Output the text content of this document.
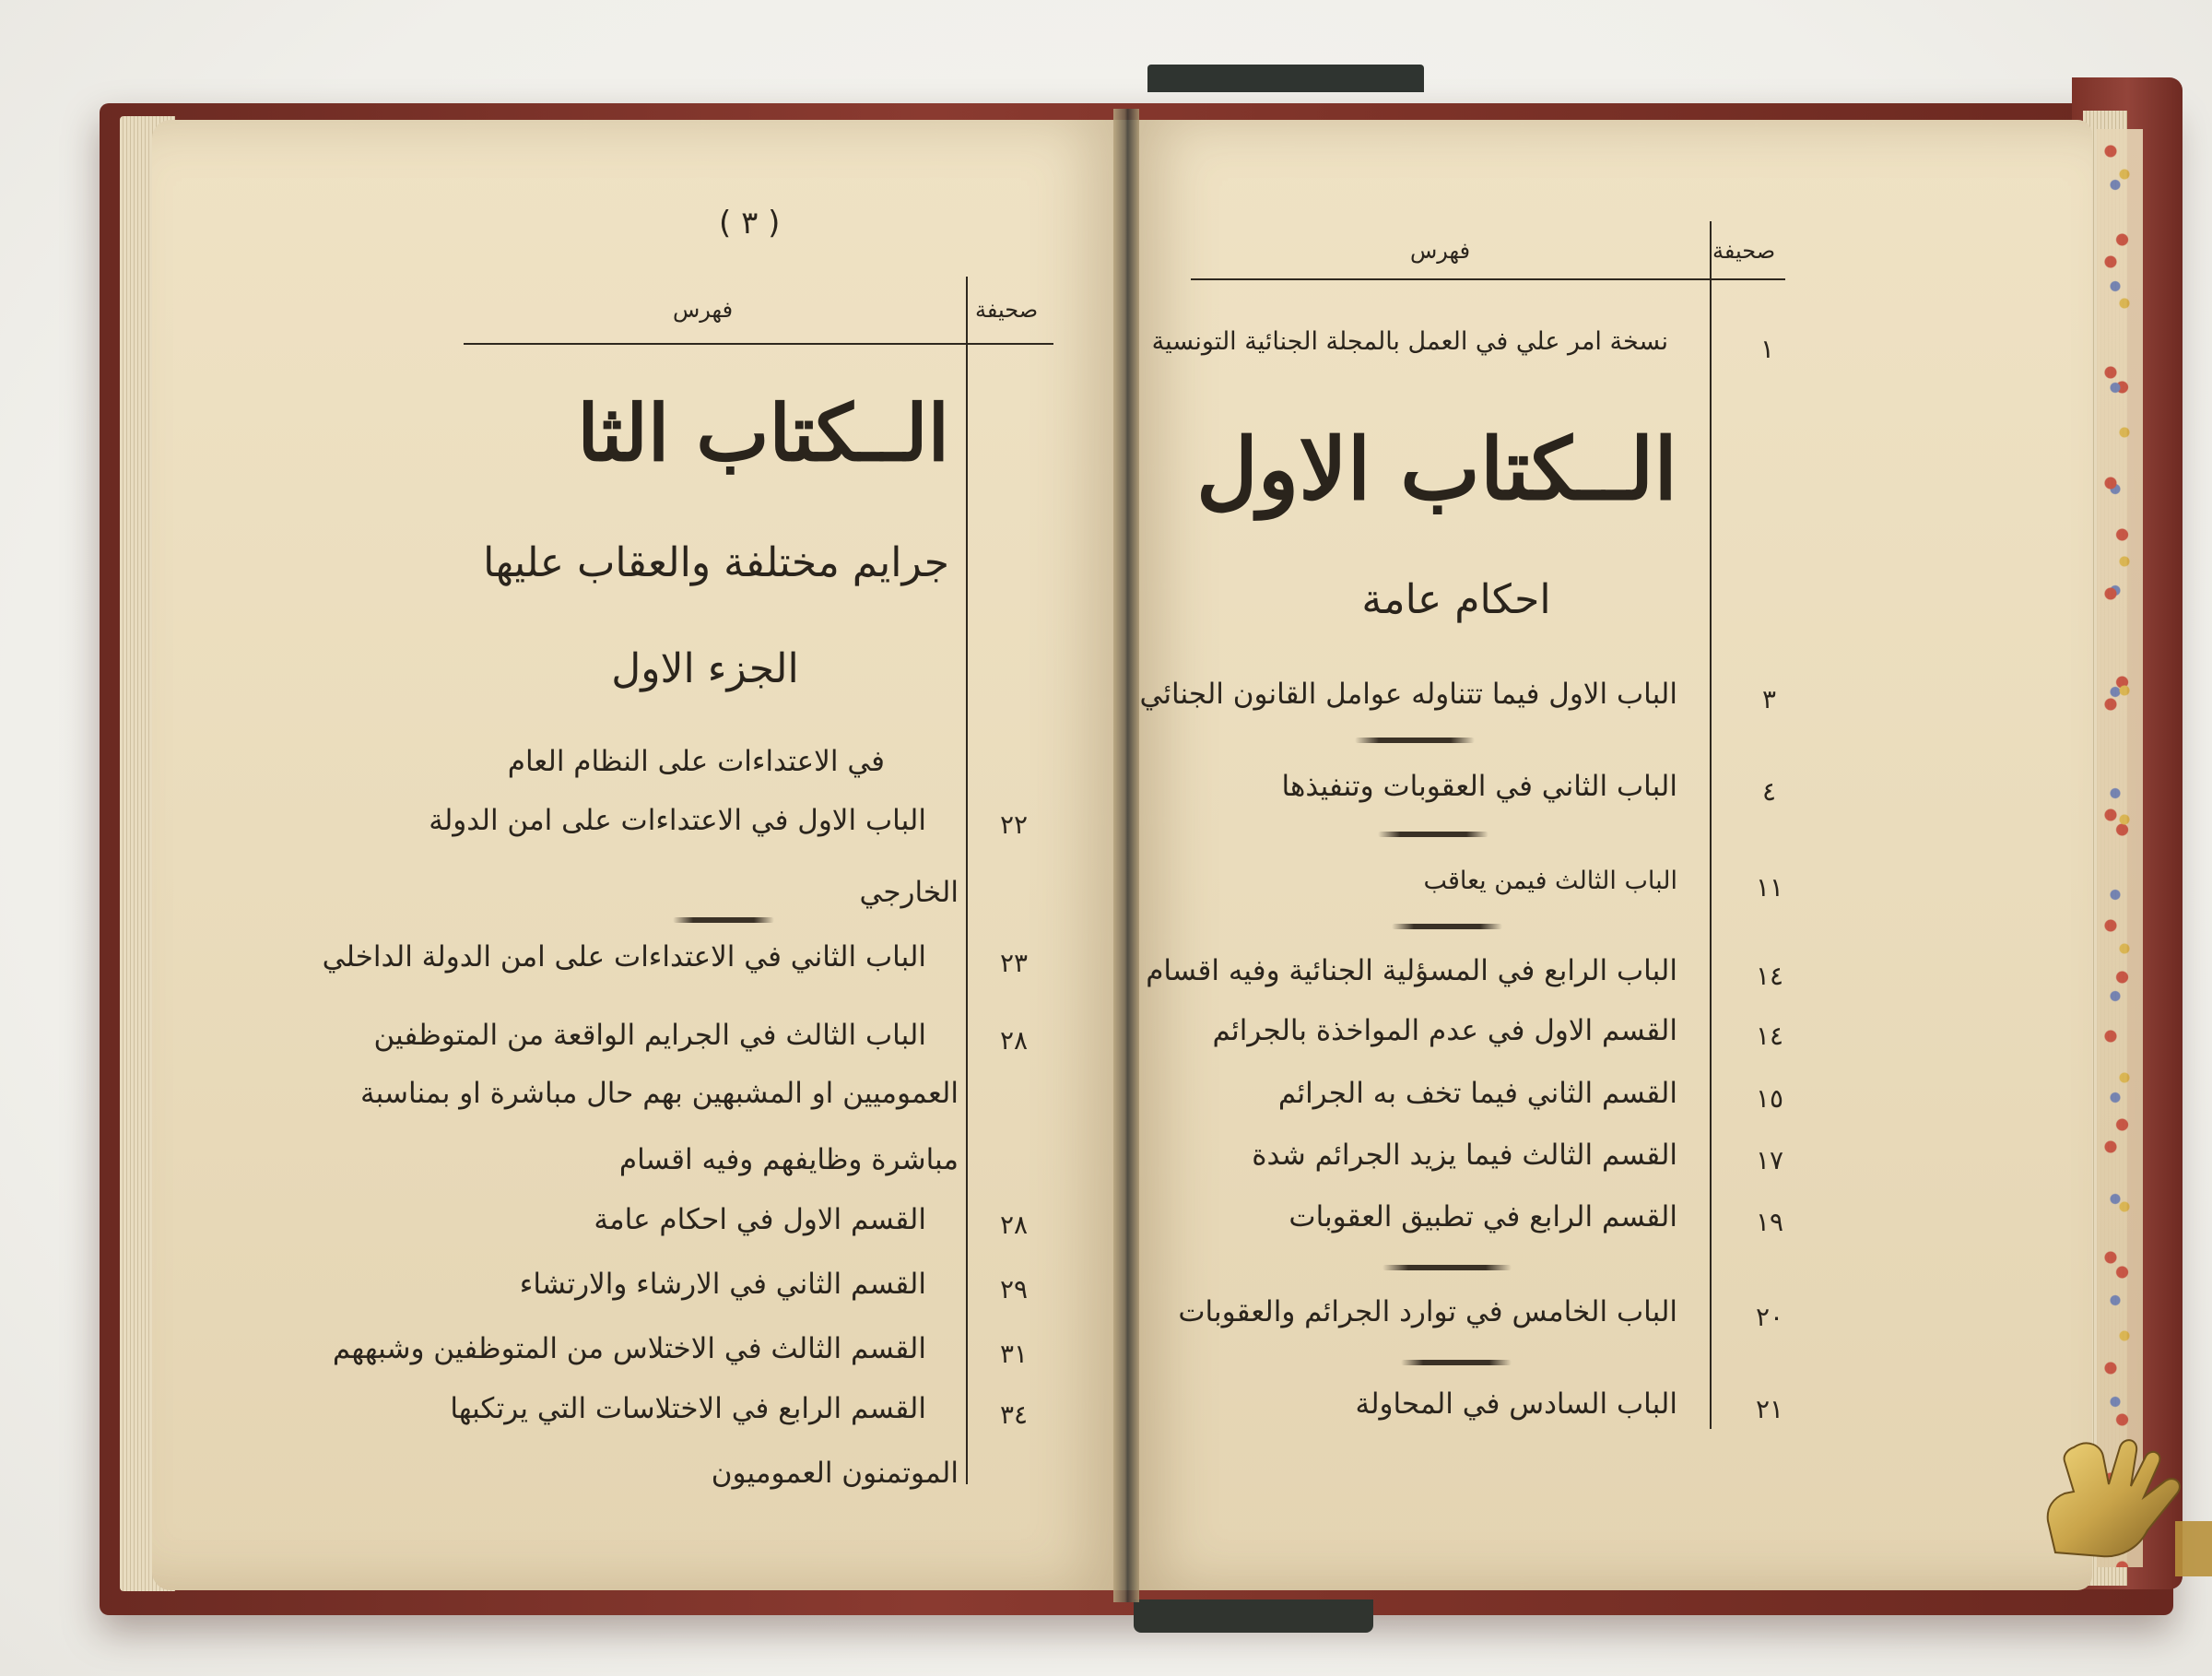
( ٣ )
فهرس	صحيفة
الــكتاب الثا
جرايم مختلفة والعقاب عليها
الجزء الاول
في الاعتداءات على النظام العام
الباب الاول في الاعتداءات على امن الدولة	٢٢
الخارجي
الباب الثاني في الاعتداءات على امن الدولة الداخلي	٢٣
الباب الثالث في الجرايم الواقعة من المتوظفين	٢٨
العموميين او المشبهين بهم حال مباشرة او بمناسبة
مباشرة وظايفهم وفيه اقسام
القسم الاول في احكام عامة	٢٨
القسم الثاني في الارشاء والارتشاء	٢٩
القسم الثالث في الاختلاس من المتوظفين وشبههم	٣١
القسم الرابع في الاختلاسات التي يرتكبها	٣٤
الموتمنون العموميون
فهرس	صحيفة
نسخة امر علي في العمل بالمجلة الجنائية التونسية	١
الــكتاب الاول
احكام عامة
الباب الاول فيما تتناوله عوامل القانون الجنائي	٣
الباب الثاني في العقوبات وتنفيذها	٤
الباب الثالث فيمن يعاقب	١١
الباب الرابع في المسؤلية الجنائية وفيه اقسام	١٤
القسم الاول في عدم المواخذة بالجرائم	١٤
القسم الثاني فيما تخف به الجرائم	١٥
القسم الثالث فيما يزيد الجرائم شدة	١٧
القسم الرابع في تطبيق العقوبات	١٩
الباب الخامس في توارد الجرائم والعقوبات	٢٠
الباب السادس في المحاولة	٢١
